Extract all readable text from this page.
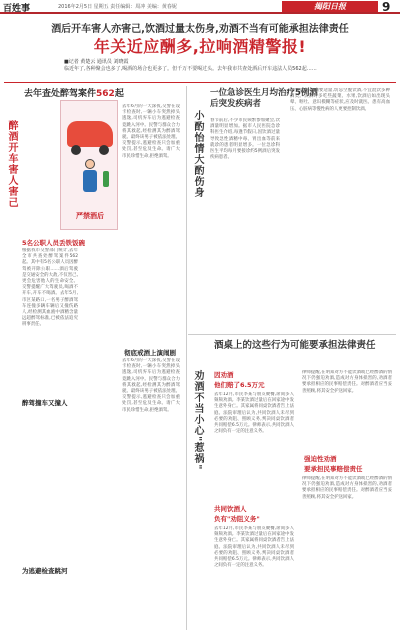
百姓事	2016年2月5日 星期五 责任编辑：周冲 美编：黄春妮	揭阳日报	9
酒后开车害人亦害己,饮酒过量太伤身,劝酒不当有可能承担法律责任
年关近应酬多,拉响酒精警报!
■记者 黄楚云 通讯员 刘晓霞
临近年了,各种聚会也多了,喝酒的场合也更多了。但千万不要喝过头。去年我市共查处酒后开车违法人员562起……
醉酒开车害人害己
去年查处醉驾案件562起
严禁酒后
5名公职人员丢铁饭碗
根据我市交警部门统计,去年全市共查处醉驾案件562起。其中有5名公职人员因醉驾被开除公职……酒后驾驶是交通安全的大敌,不仅害己,更会危害他人的生命安全。交警提醒广大驾驶员,喝酒不开车,开车不喝酒。去年5月,市区某路口,一名男子醉酒驾车连撞多辆车辆后又撞伤路人,经检测其血液中酒精含量远超醉驾标准,已被依法追究刑事责任。
醉驾撞车又撞人
为逃避检查跳河
去年6月的一天深夜,交警在设卡检查时,一辆小车突然掉头逃逸,司机弃车后为逃避检查竟跳入河中。民警与群众合力将其救起,经检测其为醉酒驾驶。最终该男子被依法处理。交警提示,逃避检查只会加重处罚,甚至危及生命。请广大市民珍惜生命,拒绝酒驾。
彻底戒酒上演闹剧
去年6月的一天深夜,交警在设卡检查时,一辆小车突然掉头逃逸,司机弃车后为逃避检查竟跳入河中。民警与群众合力将其救起,经检测其为醉酒驾驶。最终该男子被依法处理。交警提示,逃避检查只会加重处罚,甚至危及生命。请广大市民珍惜生命,拒绝酒驾。
小酌怡情大酌伤身
一位急诊医生月均治疗5例酒后突发疾病者
春节前后,不少市民频繁参加聚会,饮酒量明显增加。据市人民医院急诊科医生介绍,每逢节假日,因饮酒过量导致急性酒精中毒、胃出血等前来就诊的患者明显增多。一位急诊科医生平均每月要接诊约5例酒后突发疾病患者。
医生提醒,饮酒要适量,切忌空腹饮酒,不宜混饮多种酒类。饮酒时多吃些蔬菜、水果,饮酒后如出现头晕、呕吐、意识模糊等症状,应及时就医。患有高血压、心脏病等慢性病的人更要控制饮酒。
劝酒不当小心"惹祸"
酒桌上的这些行为可能要承担法律责任
因劝酒
他们赔了6.5万元
去年12月,市民李某与朋友聚餐,席间多人频频劝酒。李某饮酒过量后在回家途中发生意外身亡。其家属将同桌饮酒者告上法庭。法院审理后认为,共同饮酒人未尽到必要的劝阻、照顾义务,判决同桌饮酒者共同赔偿6.5万元。律师表示,共同饮酒人之间负有一定的注意义务。
共同饮酒人
负有"劝阻义务"
去年12月,市民李某与朋友聚餐,席间多人频频劝酒。李某饮酒过量后在回家途中发生意外身亡。其家属将同桌饮酒者告上法庭。法院审理后认为,共同饮酒人未尽到必要的劝阻、照顾义务,判决同桌饮酒者共同赔偿6.5万元。律师表示,共同饮酒人之间负有一定的注意义务。
律师提醒,在明知对方不能饮酒或已经醉酒的情况下仍强迫劝酒,造成对方身体损害的,劝酒者要承担相应的民事赔偿责任。对醉酒者应当妥善照顾,将其安全护送回家。
强迫性劝酒
要承担民事赔偿责任
律师提醒,在明知对方不能饮酒或已经醉酒的情况下仍强迫劝酒,造成对方身体损害的,劝酒者要承担相应的民事赔偿责任。对醉酒者应当妥善照顾,将其安全护送回家。
